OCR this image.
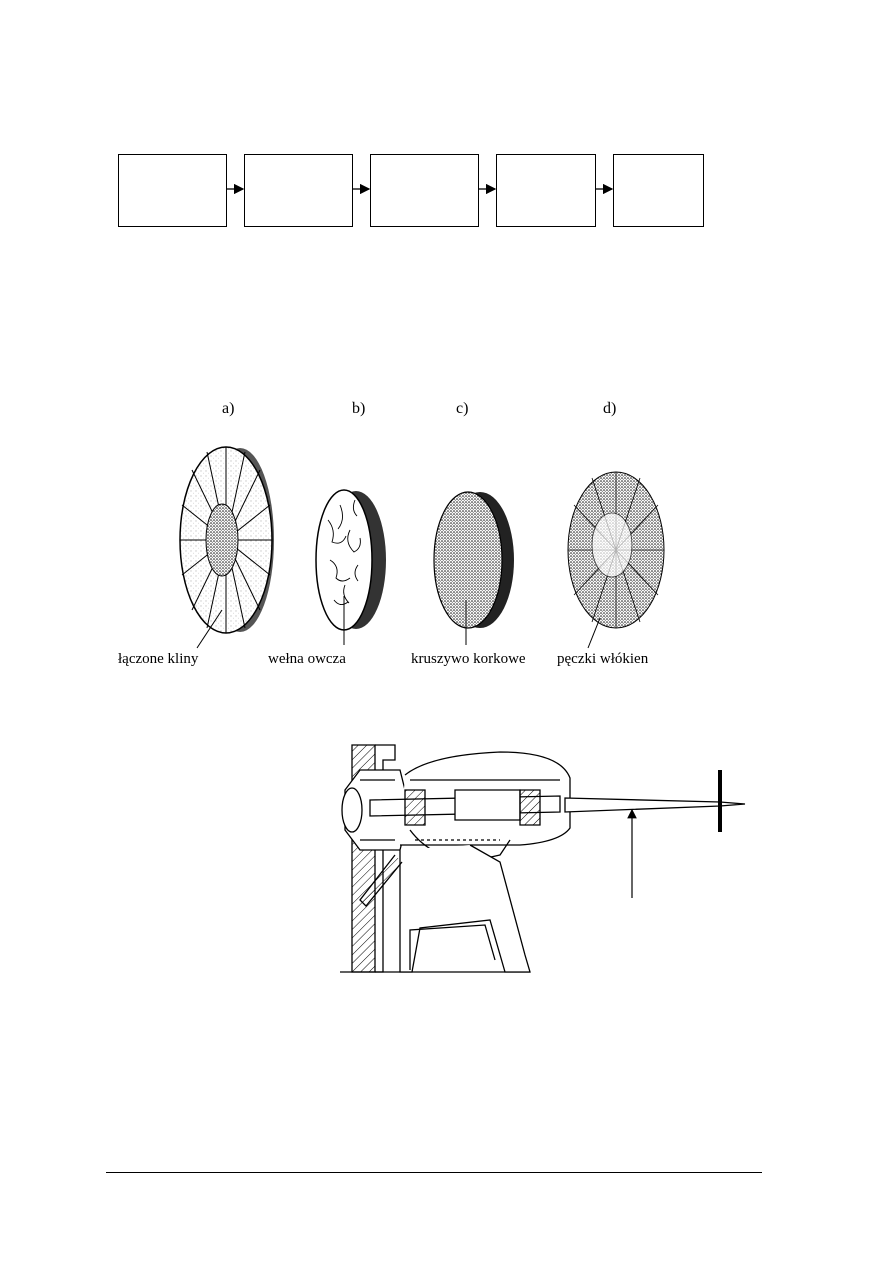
a)	b)	c)	d)
łączone kliny	wełna owcza	kruszywo korkowe pęczki włókien
